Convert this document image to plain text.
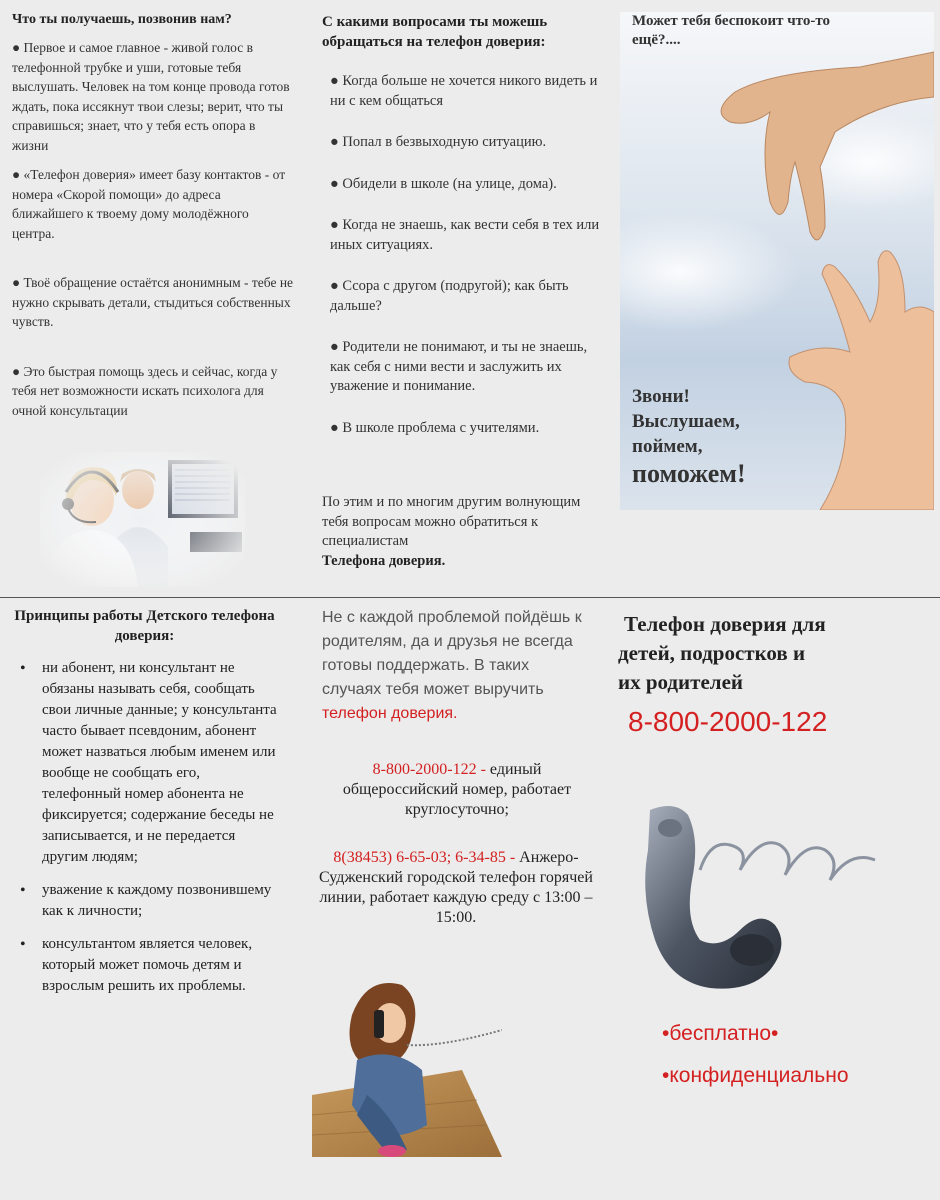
Что ты получаешь, позвонив нам?

● Первое и самое главное - живой голос в телефонной трубке и уши, готовые тебя выслушать. Человек на том конце провода готов ждать, пока иссякнут твои слезы; верит, что ты справишься; знает, что у тебя есть опора в жизни

● «Телефон доверия» имеет базу контактов - от номера «Скорой помощи» до адреса ближайшего к твоему дому молодёжного центра.

● Твоё обращение остаётся анонимным - тебе не нужно скрывать детали, стыдиться собственных чувств.

● Это быстрая помощь здесь и сейчас, когда у тебя нет возможности искать психолога для очной консультации

С какими вопросами ты можешь обращаться на телефон доверия:

● Когда больше не хочется никого видеть и ни с кем общаться

● Попал в безвыходную ситуацию.

● Обидели в школе (на улице, дома).

● Когда не знаешь, как вести себя в тех или иных ситуациях.

● Ссора с другом (подругой); как быть дальше?

● Родители не понимают, и ты не знаешь, как себя с ними вести и заслужить их уважение и понимание.

● В школе проблема с учителями.

По этим и по многим другим волнующим тебя вопросам можно обратиться к специалистам
Телефона доверия.
Может тебя беспокоит что-то ещё?....
Звони!
Выслушаем,
поймем,
поможем!
Принципы работы Детского телефона доверия:
• ни абонент, ни консультант не обязаны называть себя, сообщать свои личные данные; у консультанта часто бывает псевдоним, абонент может назваться любым именем или вообще не сообщать его, телефонный номер абонента не фиксируется; содержание беседы не записывается, и не передается другим людям;
• уважение к каждому позвонившему как к личности;
• консультантом является человек, который может помочь детям и взрослым решить их проблемы.
Не с каждой проблемой пойдёшь к родителям, да и друзья не всегда готовы поддержать. В таких случаях тебя может выручить телефон доверия.
8-800-2000-122 - единый общероссийский номер, работает круглосуточно;
8(38453) 6-65-03; 6-34-85 - Анжеро-Судженский городской телефон горячей линии, работает каждую среду с 13:00 – 15:00.
Телефон доверия для
детей, подростков и
их родителей
8-800-2000-122
•бесплатно•
•конфиденциально
